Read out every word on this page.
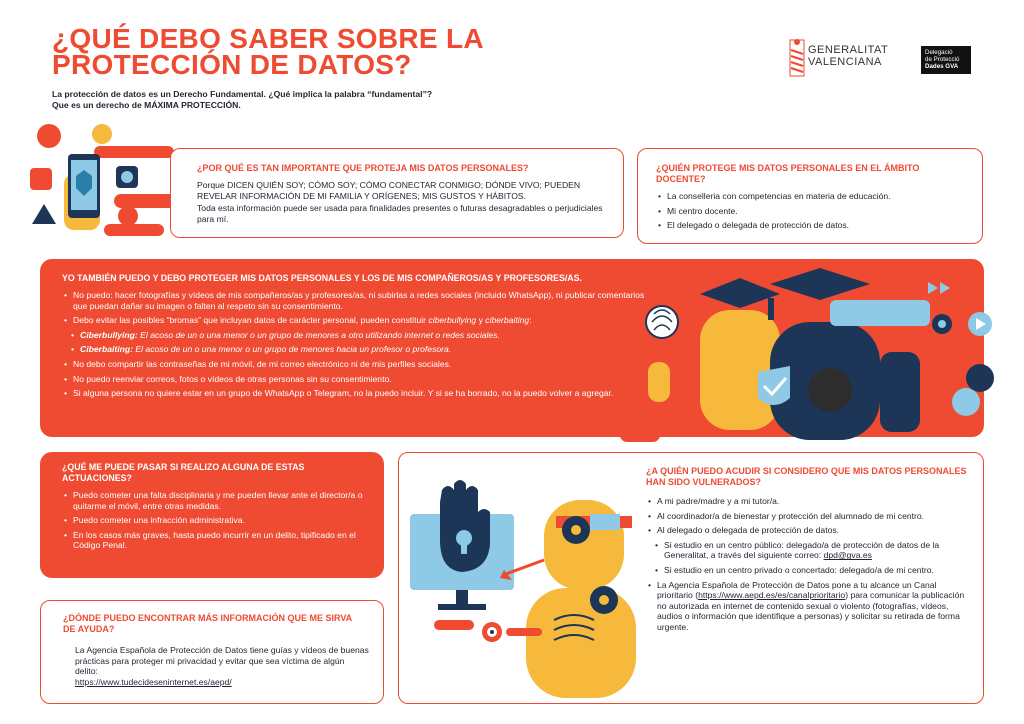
¿QUÉ DEBO SABER SOBRE LA
PROTECCIÓN DE DATOS?
La protección de datos es un Derecho Fundamental. ¿Qué implica la palabra “fundamental”?
Que es un derecho de MÁXIMA PROTECCIÓN.
GENERALITAT
VALENCIANA
Delegació
de Protecció
Dades GVA
¿POR QUÉ ES TAN IMPORTANTE QUE PROTEJA MIS DATOS PERSONALES?
Porque DICEN QUIÉN SOY; CÓMO SOY; CÓMO CONECTAR CONMIGO; DÓNDE VIVO; PUEDEN REVELAR INFORMACIÓN DE MI FAMILIA Y ORÍGENES; MIS GUSTOS Y HÁBITOS.
Toda esta información puede ser usada para finalidades presentes o futuras desagradables o perjudiciales para mí.
¿QUIÉN PROTEGE MIS DATOS PERSONALES EN EL ÁMBITO DOCENTE?
• La conselleria con competencias en materia de educación.
• Mi centro docente.
• El delegado o delegada de protección de datos.
YO TAMBIÉN PUEDO Y DEBO PROTEGER MIS DATOS PERSONALES Y LOS DE MIS COMPAÑEROS/AS Y PROFESORES/AS.
• No puedo: hacer fotografías y vídeos de mis compañeros/as y profesores/as, ni subirlas a redes sociales (incluido WhatsApp), ni publicar comentarios que puedan dañar su imagen o falten al respeto sin su consentimiento.
• Debo evitar las posibles “bromas” que incluyan datos de carácter personal, pueden constituir ciberbullying y ciberbaiting:
• Ciberbullying: El acoso de un o una menor o un grupo de menores a otro utilizando internet o redes sociales.
• Ciberbaiting: El acoso de un o una menor o un grupo de menores hacia un profesor o profesora.
• No debo compartir las contraseñas de mi móvil, de mi correo electrónico ni de mis perfiles sociales.
• No puedo reenviar correos, fotos o vídeos de otras personas sin su consentimiento.
• Si alguna persona no quiere estar en un grupo de WhatsApp o Telegram, no la puedo incluir. Y si se ha borrado, no la puedo volver a agregar.
¿QUÉ ME PUEDE PASAR SI REALIZO ALGUNA DE ESTAS ACTUACIONES?
• Puedo cometer una falta disciplinaria y me pueden llevar ante el director/a o quitarme el móvil, entre otras medidas.
• Puedo cometer una infracción administrativa.
• En los casos más graves, hasta puedo incurrir en un delito, tipificado en el Código Penal.
¿DÓNDE PUEDO ENCONTRAR MÁS INFORMACIÓN QUE ME SIRVA DE AYUDA?
La Agencia Española de Protección de Datos tiene guías y vídeos de buenas prácticas para proteger mi privacidad y evitar que sea víctima de algún delito:
https://www.tudecideseninternet.es/aepd/
¿A QUIÉN PUEDO ACUDIR SI CONSIDERO QUE MIS DATOS PERSONALES HAN SIDO VULNERADOS?
• A mi padre/madre y a mi tutor/a.
• Al coordinador/a de bienestar y protección del alumnado de mi centro.
• Al delegado o delegada de protección de datos.
• Si estudio en un centro público: delegado/a de protección de datos de la Generalitat, a través del siguiente correo: dpd@gva.es
• Si estudio en un centro privado o concertado: delegado/a de mi centro.
• La Agencia Española de Protección de Datos pone a tu alcance un Canal prioritario (https://www.aepd.es/es/canalprioritario) para comunicar la publicación no autorizada en internet de contenido sexual o violento (fotografías, vídeos, audios o información que identifique a personas) y solicitar su retirada de forma urgente.
